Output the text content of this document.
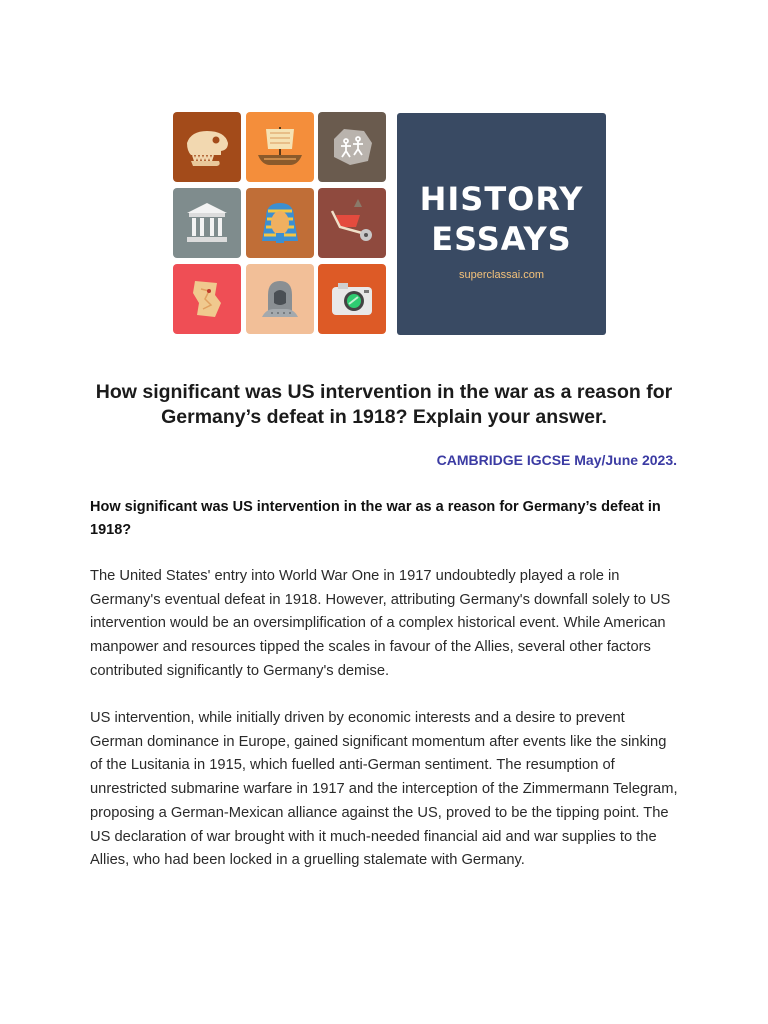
HISTORY
ESSAYS
superclassai.com
How significant was US intervention in the war as a reason for Germany’s defeat in 1918? Explain your answer.
CAMBRIDGE IGCSE May/June 2023.
How significant was US intervention in the war as a reason for Germany’s defeat in 1918?
The United States' entry into World War One in 1917 undoubtedly played a role in Germany's eventual defeat in 1918. However, attributing Germany's downfall solely to US intervention would be an oversimplification of a complex historical event. While American manpower and resources tipped the scales in favour of the Allies, several other factors contributed significantly to Germany's demise.
US intervention, while initially driven by economic interests and a desire to prevent German dominance in Europe, gained significant momentum after events like the sinking of the Lusitania in 1915, which fuelled anti-German sentiment. The resumption of unrestricted submarine warfare in 1917 and the interception of the Zimmermann Telegram, proposing a German-Mexican alliance against the US, proved to be the tipping point. The US declaration of war brought with it much-needed financial aid and war supplies to the Allies, who had been locked in a gruelling stalemate with Germany.
